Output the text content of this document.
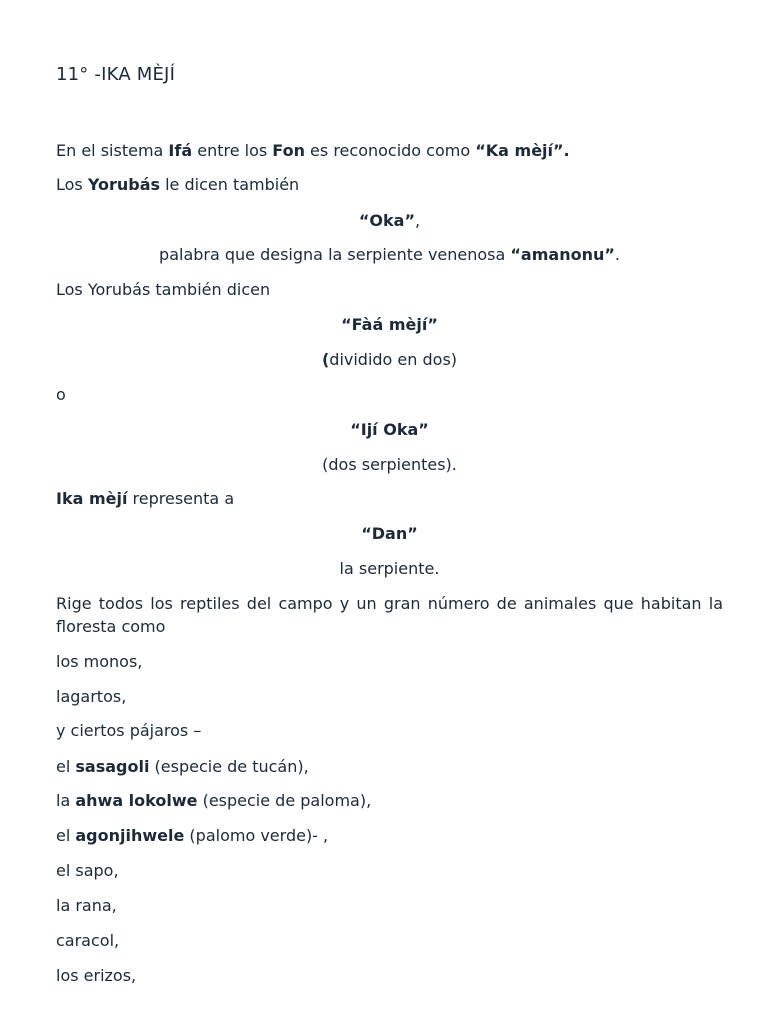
11° -IKA MÈJÍ
En el sistema Ifá entre los Fon es reconocido como “Ka mèjí”.
Los Yorubás le dicen también
“Oka”,
palabra que designa la serpiente venenosa “amanonu”.
Los Yorubás también dicen
“Fàá mèjí”
(dividido en dos)
o
“Ijí Oka”
(dos serpientes).
Ika mèjí representa a
“Dan”
la serpiente.
Rige todos los reptiles del campo y un gran número de animales que habitan la floresta como
los monos,
lagartos,
y ciertos pájaros –
el sasagoli (especie de tucán),
la ahwa lokolwe (especie de paloma),
el agonjihwele (palomo verde)- ,
el sapo,
la rana,
caracol,
los erizos,
